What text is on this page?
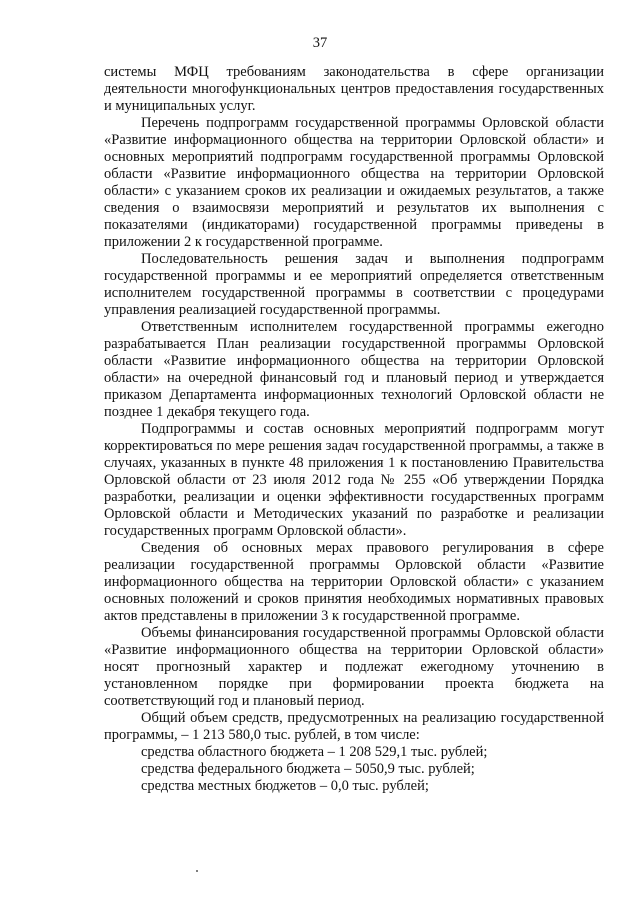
37

системы МФЦ требованиям законодательства в сфере организации деятельности многофункциональных центров предоставления государственных и муниципальных услуг.

Перечень подпрограмм государственной программы Орловской области «Развитие информационного общества на территории Орловской области» и основных мероприятий подпрограмм государственной программы Орловской области «Развитие информационного общества на территории Орловской области» с указанием сроков их реализации и ожидаемых результатов, а также сведения о взаимосвязи мероприятий и результатов их выполнения с показателями (индикаторами) государственной программы приведены в приложении 2 к государственной программе.

Последовательность решения задач и выполнения подпрограмм государственной программы и ее мероприятий определяется ответственным исполнителем государственной программы в соответствии с процедурами управления реализацией государственной программы.

Ответственным исполнителем государственной программы ежегодно разрабатывается План реализации государственной программы Орловской области «Развитие информационного общества на территории Орловской области» на очередной финансовый год и плановый период и утверждается приказом Департамента информационных технологий Орловской области не позднее 1 декабря текущего года.

Подпрограммы и состав основных мероприятий подпрограмм могут корректироваться по мере решения задач государственной программы, а также в случаях, указанных в пункте 48 приложения 1 к постановлению Правительства Орловской области от 23 июля 2012 года № 255 «Об утверждении Порядка разработки, реализации и оценки эффективности государственных программ Орловской области и Методических указаний по разработке и реализации государственных программ Орловской области».

Сведения об основных мерах правового регулирования в сфере реализации государственной программы Орловской области «Развитие информационного общества на территории Орловской области» с указанием основных положений и сроков принятия необходимых нормативных правовых актов представлены в приложении 3 к государственной программе.

Объемы финансирования государственной программы Орловской области «Развитие информационного общества на территории Орловской области» носят прогнозный характер и подлежат ежегодному уточнению в установленном порядке при формировании проекта бюджета на соответствующий год и плановый период.

Общий объем средств, предусмотренных на реализацию государственной программы, – 1 213 580,0 тыс. рублей, в том числе:

средства областного бюджета – 1 208 529,1 тыс. рублей;

средства федерального бюджета – 5050,9 тыс. рублей;

средства местных бюджетов – 0,0 тыс. рублей;
